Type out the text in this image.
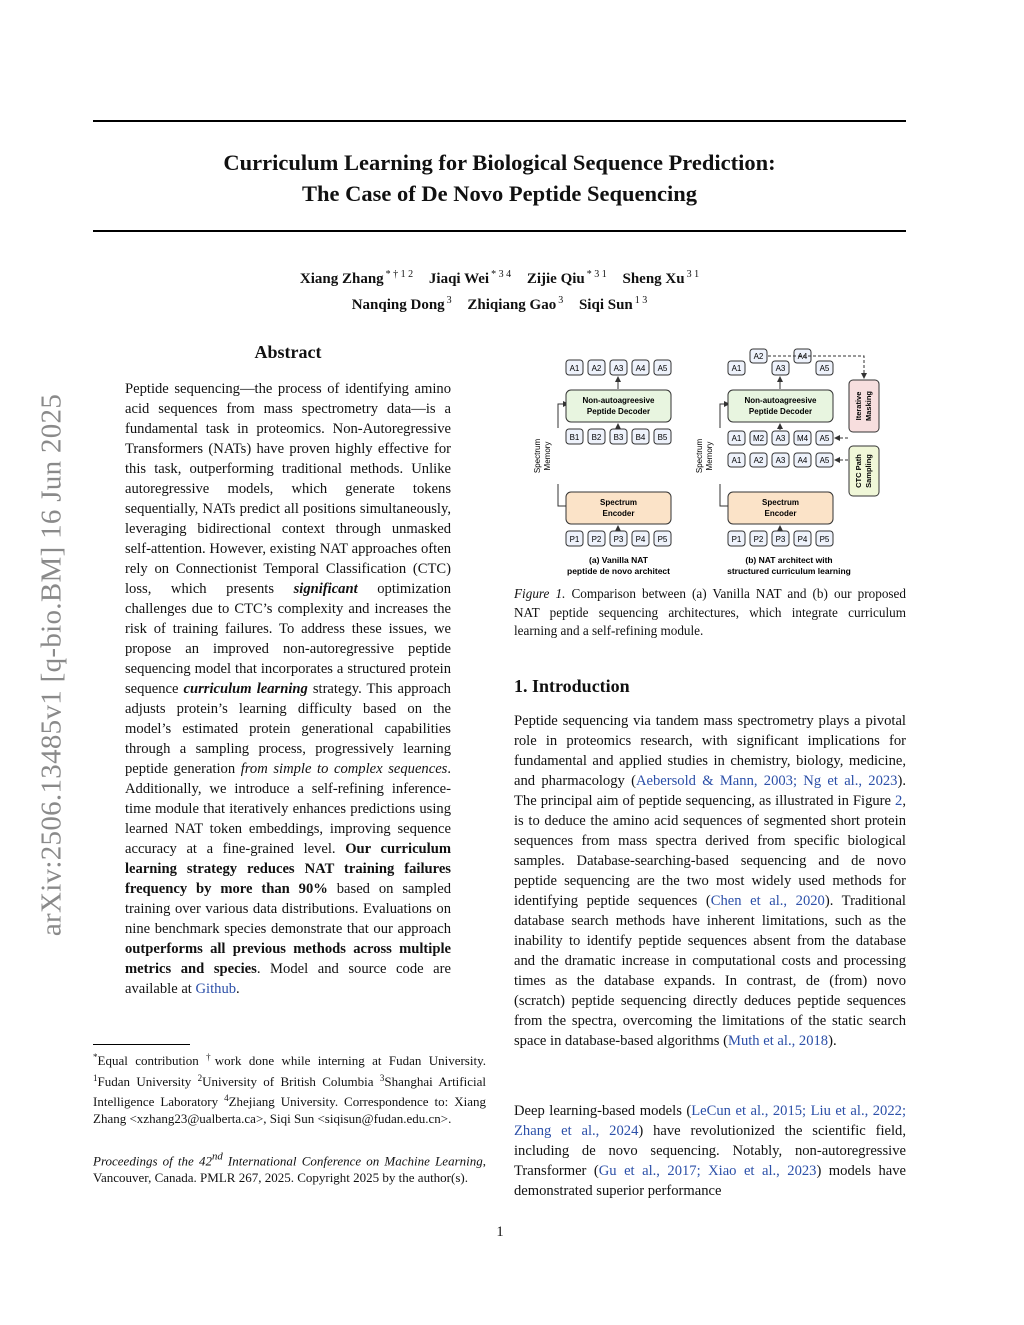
arXiv:2506.13485v1 [q-bio.BM] 16 Jun 2025
Curriculum Learning for Biological Sequence Prediction:
The Case of De Novo Peptide Sequencing
Xiang Zhang $^{* \dagger 1 2}$ Jiaqi Wei $^{* 3 4}$ Zijie Qiu $^{* 3 1}$ Sheng Xu $^{3 1}$
Nanqing Dong $^3$ Zhiqiang Gao $^3$ Siqi Sun $^{1 3}$
Abstract
Peptide sequencing—the process of identifying amino acid sequences from mass spectrometry data—is a fundamental task in proteomics. Non-Autoregressive Transformers (NATs) have proven highly effective for this task, outperforming traditional methods. Unlike autoregressive models, which generate tokens sequentially, NATs predict all positions simultaneously, leveraging bidirectional context through unmasked self-attention. However, existing NAT approaches often rely on Connectionist Temporal Classification (CTC) loss, which presents significant optimization challenges due to CTC’s complexity and increases the risk of training failures. To address these issues, we propose an improved non-autoregressive peptide sequencing model that incorporates a structured protein sequence curriculum learning strategy. This approach adjusts protein’s learning difficulty based on the model’s estimated protein generational capabilities through a sampling process, progressively learning peptide generation from simple to complex sequences. Additionally, we introduce a self-refining inference-time module that iteratively enhances predictions using learned NAT token embeddings, improving sequence accuracy at a fine-grained level. Our curriculum learning strategy reduces NAT training failures frequency by more than 90% based on sampled training over various data distributions. Evaluations on nine benchmark species demonstrate that our approach outperforms all previous methods across multiple metrics and species. Model and source code are available at Github.
*Equal contribution †work done while interning at Fudan University. $^1$Fudan University $^2$University of British Columbia $^3$Shanghai Artificial Intelligence Laboratory $^4$Zhejiang University. Correspondence to: Xiang Zhang <xzhang23@ualberta.ca>, Siqi Sun <siqisun@fudan.edu.cn>.
Proceedings of the 42nd International Conference on Machine Learning, Vancouver, Canada. PMLR 267, 2025. Copyright 2025 by the author(s).
Spectrum Memory
A1 A2 A3 A4 A5
Non-autoagreesive
Peptide Decoder
B1 B2 B3 B4 B5
Spectrum
Encoder
P1 P2 P3 P4 P5
(a) Vanilla NAT
peptide de novo architect
Spectrum Memory
A2	A4
A1	A3	A5
Non-autoagreesive
Peptide Decoder
A1 M2 A3 M4 A5
A1 A2 A3 A4 A5
Iterative Masking
CTC Path Sampling
Spectrum
Encoder
P1 P2 P3 P4 P5
(b) NAT architect with
structured curriculum learning
Figure 1. Comparison between (a) Vanilla NAT and (b) our proposed NAT peptide sequencing architectures, which integrate curriculum learning and a self-refining module.
1. Introduction
Peptide sequencing via tandem mass spectrometry plays a pivotal role in proteomics research, with significant implications for fundamental and applied studies in chemistry, biology, medicine, and pharmacology (Aebersold & Mann, 2003; Ng et al., 2023). The principal aim of peptide sequencing, as illustrated in Figure 2, is to deduce the amino acid sequences of segmented short protein sequences from mass spectra derived from specific biological samples. Database-searching-based sequencing and de novo peptide sequencing are the two most widely used methods for identifying peptide sequences (Chen et al., 2020). Traditional database search methods have inherent limitations, such as the inability to identify peptide sequences absent from the database and the dramatic increase in computational costs and processing times as the database expands. In contrast, de (from) novo (scratch) peptide sequencing directly deduces peptide sequences from the spectra, overcoming the limitations of the static search space in database-based algorithms (Muth et al., 2018).
Deep learning-based models (LeCun et al., 2015; Liu et al., 2022; Zhang et al., 2024) have revolutionized the scientific field, including de novo sequencing. Notably, non-autoregressive Transformer (Gu et al., 2017; Xiao et al., 2023) models have demonstrated superior performance
1
